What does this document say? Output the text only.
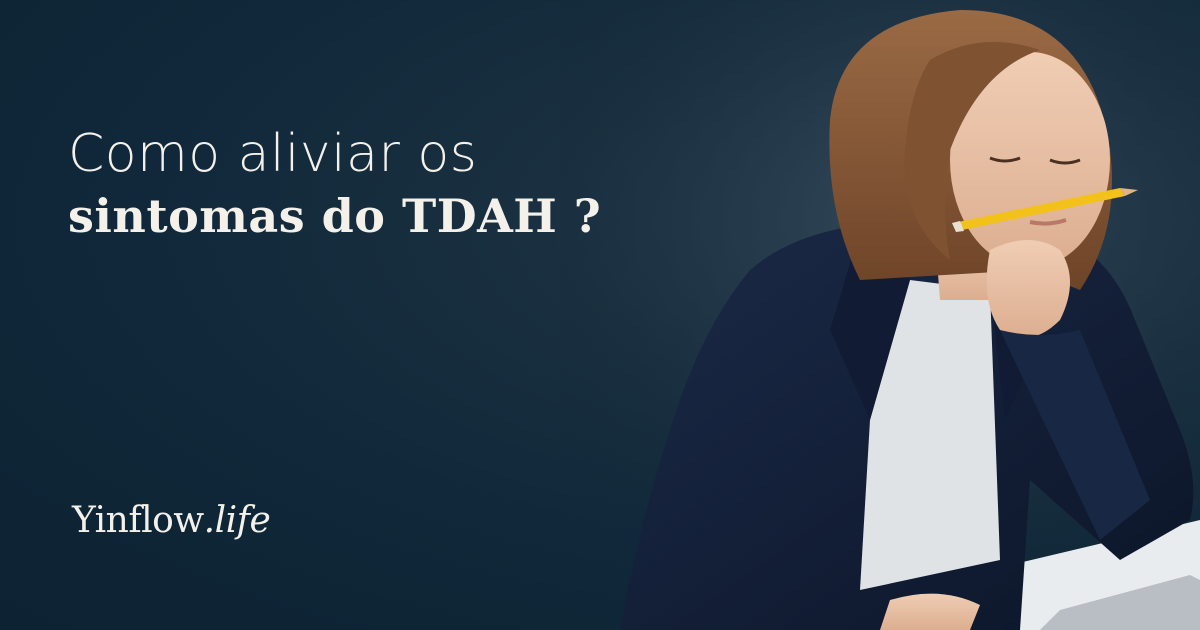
Como aliviar os
sintomas do TDAH ?
Yinflow.life
